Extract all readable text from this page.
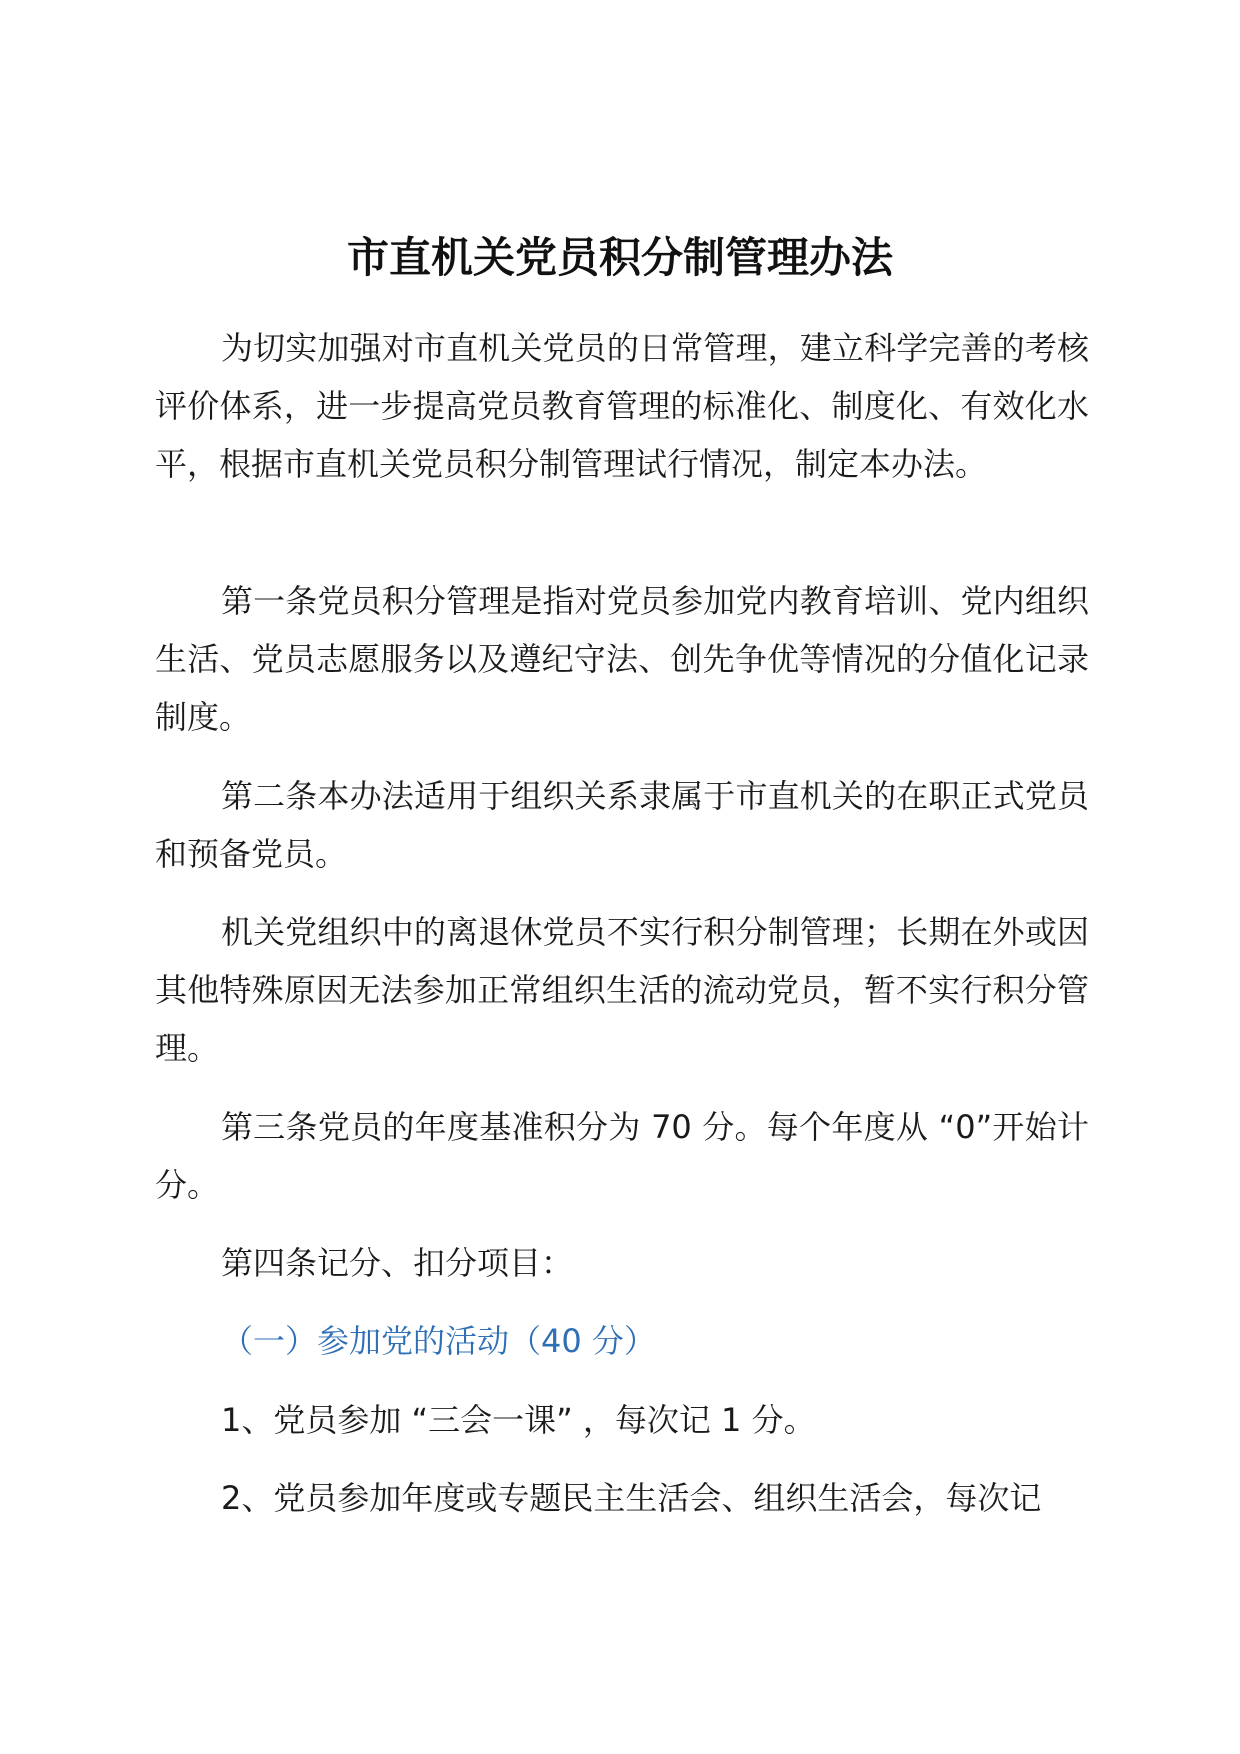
市直机关党员积分制管理办法

为切实加强对市直机关党员的日常管理，建立科学完善的考核评价体系，进一步提高党员教育管理的标准化、制度化、有效化水平，根据市直机关党员积分制管理试行情况，制定本办法。

第一条党员积分管理是指对党员参加党内教育培训、党内组织生活、党员志愿服务以及遵纪守法、创先争优等情况的分值化记录制度。

第二条本办法适用于组织关系隶属于市直机关的在职正式党员和预备党员。

机关党组织中的离退休党员不实行积分制管理；长期在外或因其他特殊原因无法参加正常组织生活的流动党员，暂不实行积分管理。

第三条党员的年度基准积分为 70 分。每个年度从 “0”开始计分。

第四条记分、扣分项目：

（一）参加党的活动（40 分）

1、党员参加 “三会一课” ，每次记 1 分。

2、党员参加年度或专题民主生活会、组织生活会，每次记
